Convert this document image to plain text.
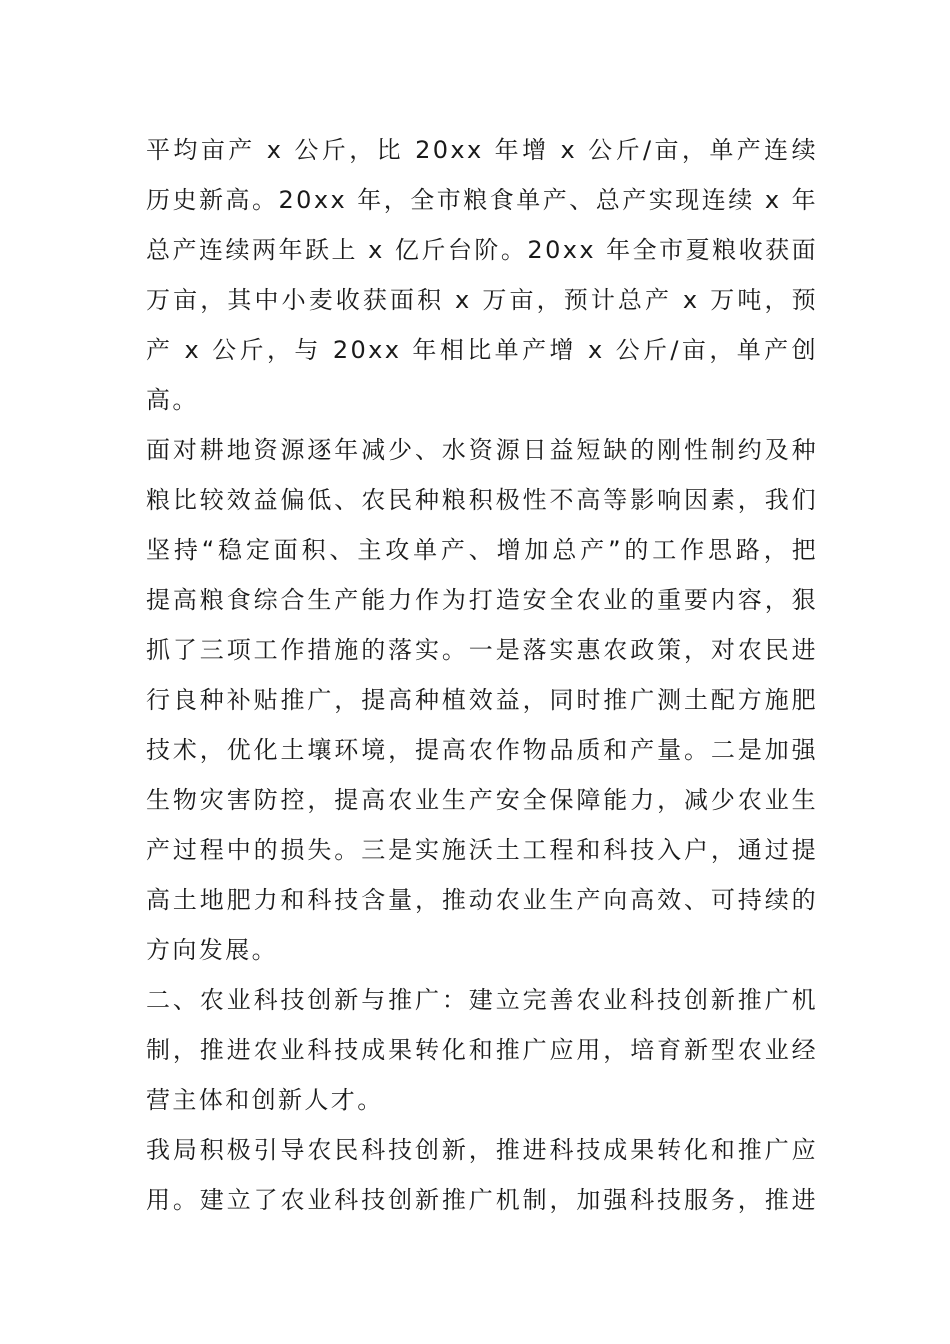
平均亩产 x 公斤，比 20xx 年增 x 公斤/亩，单产连续
历史新高。20xx 年，全市粮食单产、总产实现连续 x 年
总产连续两年跃上 x 亿斤台阶。20xx 年全市夏粮收获面
万亩，其中小麦收获面积 x 万亩，预计总产 x 万吨，预
产 x 公斤，与 20xx 年相比单产增 x 公斤/亩，单产创
高。
面对耕地资源逐年减少、水资源日益短缺的刚性制约及种
粮比较效益偏低、农民种粮积极性不高等影响因素，我们
坚持“稳定面积、主攻单产、增加总产”的工作思路，把
提高粮食综合生产能力作为打造安全农业的重要内容，狠
抓了三项工作措施的落实。一是落实惠农政策，对农民进
行良种补贴推广，提高种植效益，同时推广测土配方施肥
技术，优化土壤环境，提高农作物品质和产量。二是加强
生物灾害防控，提高农业生产安全保障能力，减少农业生
产过程中的损失。三是实施沃土工程和科技入户，通过提
高土地肥力和科技含量，推动农业生产向高效、可持续的
方向发展。
二、农业科技创新与推广：建立完善农业科技创新推广机
制，推进农业科技成果转化和推广应用，培育新型农业经
营主体和创新人才。
我局积极引导农民科技创新，推进科技成果转化和推广应
用。建立了农业科技创新推广机制，加强科技服务，推进
